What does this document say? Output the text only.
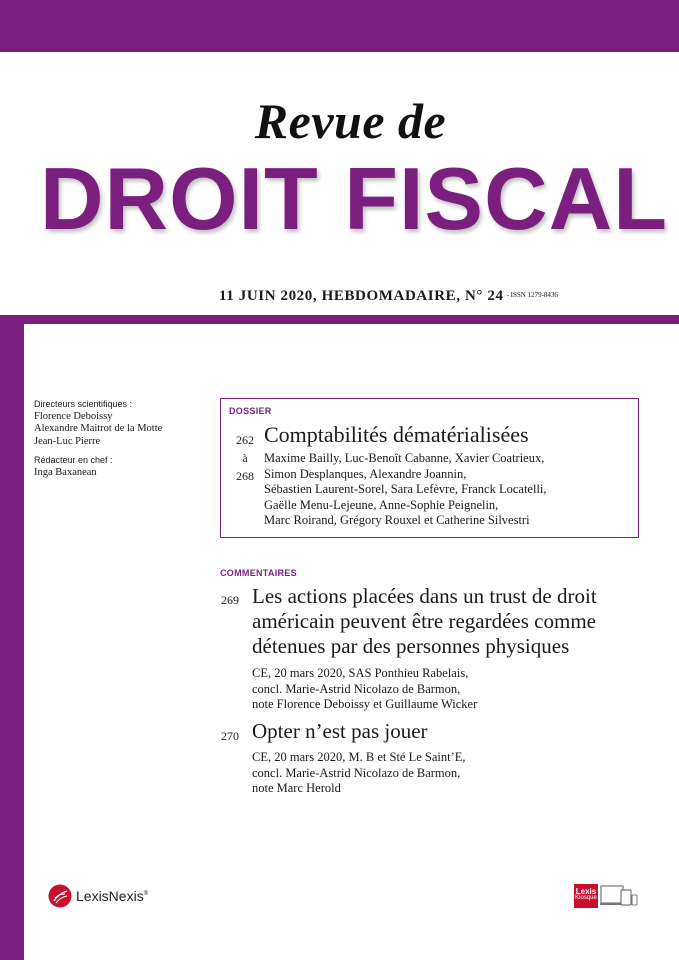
Revue de
DROIT FISCAL
11 JUIN 2020, HEBDOMADAIRE, N° 24 $^{- ISSN 1279-8436}$
Directeurs scientifiques :
Florence Deboissy
Alexandre Maitrot de la Motte
Jean-Luc Pierre
Rédacteur en chef :
Inga Baxanean
DOSSIER
262
à
268
Comptabilités dématérialisées
Maxime Bailly, Luc-Benoît Cabanne, Xavier Coatrieux,
Simon Desplanques, Alexandre Joannin,
Sébastien Laurent-Sorel, Sara Lefèvre, Franck Locatelli,
Gaëlle Menu-Lejeune, Anne-Sophie Peignelin,
Marc Roirand, Grégory Rouxel et Catherine Silvestri
COMMENTAIRES
269 Les actions placées dans un trust de droit
américain peuvent être regardées comme
détenues par des personnes physiques
CE, 20 mars 2020, SAS Ponthieu Rabelais,
concl. Marie-Astrid Nicolazo de Barmon,
note Florence Deboissy et Guillaume Wicker
270 Opter n’est pas jouer
CE, 20 mars 2020, M. B et Sté Le Saint’E,
concl. Marie-Astrid Nicolazo de Barmon,
note Marc Herold
LexisNexis®	Lexis
Kiosque
